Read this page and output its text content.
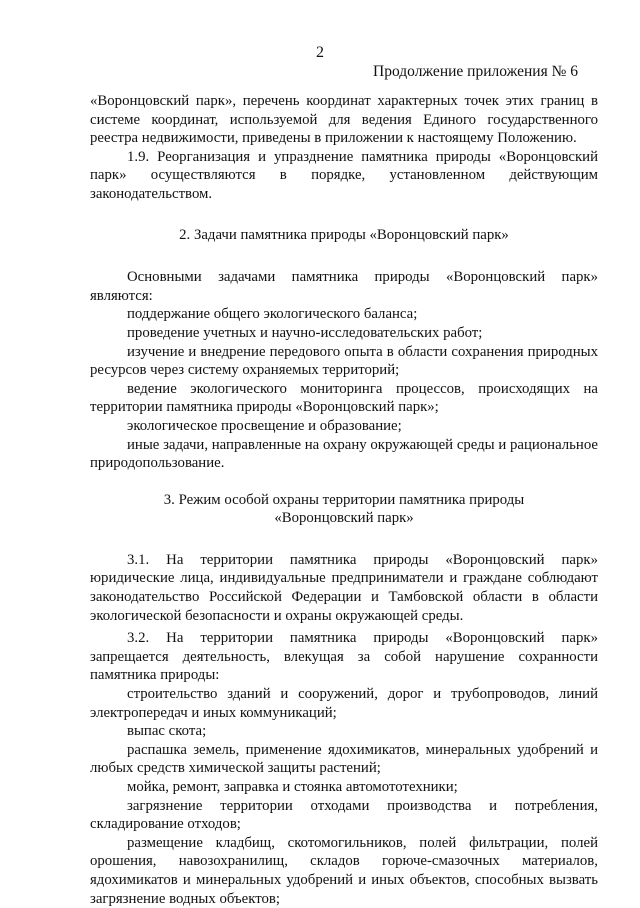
2
Продолжение приложения № 6

«Воронцовский парк», перечень координат характерных точек этих границ в системе координат, используемой для ведения Единого государственного реестра недвижимости, приведены в приложении к настоящему Положению.

1.9. Реорганизация и упразднение памятника природы «Воронцовский парк» осуществляются в порядке, установленном действующим законодательством.

2. Задачи памятника природы «Воронцовский парк»

Основными задачами памятника природы «Воронцовский парк» являются:

поддержание общего экологического баланса;

проведение учетных и научно-исследовательских работ;

изучение и внедрение передового опыта в области сохранения природных ресурсов через систему охраняемых территорий;

ведение экологического мониторинга процессов, происходящих на территории памятника природы «Воронцовский парк»;

экологическое просвещение и образование;

иные задачи, направленные на охрану окружающей среды и рациональное природопользование.

3. Режим особой охраны территории памятника природы
«Воронцовский парк»

3.1. На территории памятника природы «Воронцовский парк» юридические лица, индивидуальные предприниматели и граждане соблюдают законодательство Российской Федерации и Тамбовской области в области экологической безопасности и охраны окружающей среды.

3.2. На территории памятника природы «Воронцовский парк» запрещается деятельность, влекущая за собой нарушение сохранности памятника природы:

строительство зданий и сооружений, дорог и трубопроводов, линий электропередач и иных коммуникаций;

выпас скота;

распашка земель, применение ядохимикатов, минеральных удобрений и любых средств химической защиты растений;

мойка, ремонт, заправка и стоянка автомототехники;

загрязнение территории отходами производства и потребления, складирование отходов;

размещение кладбищ, скотомогильников, полей фильтрации, полей орошения, навозохранилищ, складов горюче-смазочных материалов, ядохимикатов и минеральных удобрений и иных объектов, способных вызвать загрязнение водных объектов;
